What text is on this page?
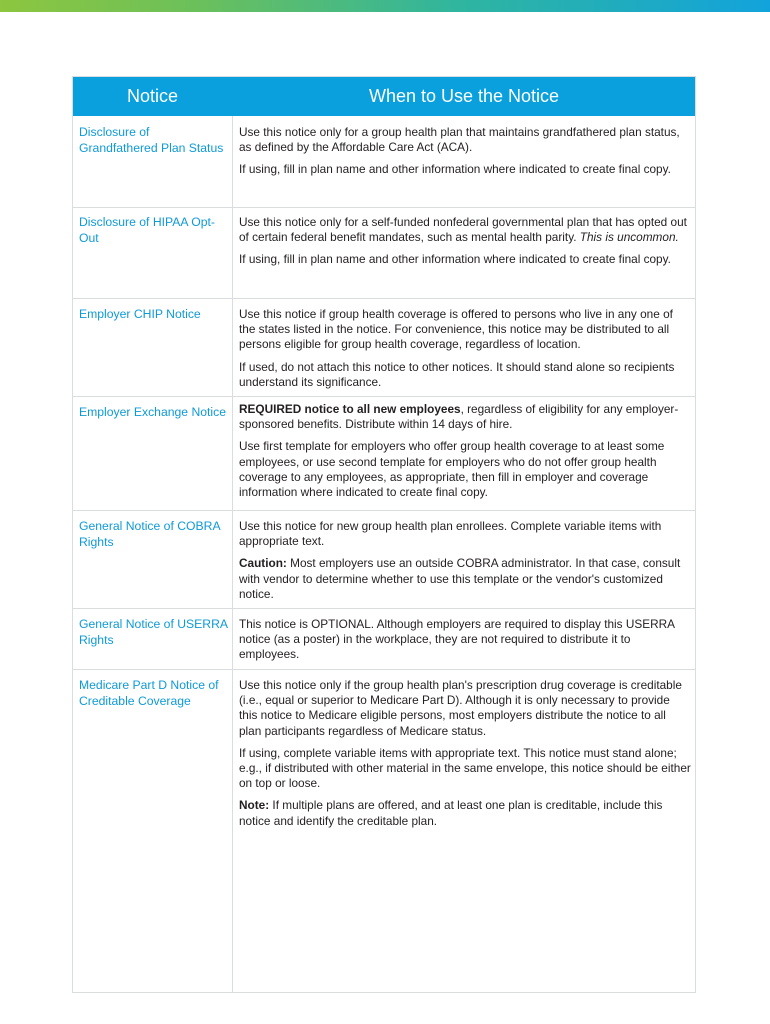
Notice	When to Use the Notice
Disclosure of Grandfathered Plan Status

Use this notice only for a group health plan that maintains grandfathered plan status, as defined by the Affordable Care Act (ACA).

If using, fill in plan name and other information where indicated to create final copy.

Disclosure of HIPAA Opt-Out

Use this notice only for a self-funded nonfederal governmental plan that has opted out of certain federal benefit mandates, such as mental health parity. This is uncommon.

If using, fill in plan name and other information where indicated to create final copy.

Employer CHIP Notice	Use this notice if group health coverage is offered to persons who live in any one of the states listed in the notice. For convenience, this notice may be distributed to all persons eligible for group health coverage, regardless of location.

If used, do not attach this notice to other notices. It should stand alone so recipients understand its significance.

Employer Exchange Notice REQUIRED notice to all new employees, regardless of eligibility for any employer-sponsored benefits. Distribute within 14 days of hire.

Use first template for employers who offer group health coverage to at least some employees, or use second template for employers who do not offer group health coverage to any employees, as appropriate, then fill in employer and coverage information where indicated to create final copy.

General Notice of COBRA Rights

Use this notice for new group health plan enrollees. Complete variable items with appropriate text.

Caution: Most employers use an outside COBRA administrator. In that case, consult with vendor to determine whether to use this template or the vendor's customized notice.

General Notice of USERRA Rights

This notice is OPTIONAL. Although employers are required to display this USERRA notice (as a poster) in the workplace, they are not required to distribute it to employees.

Medicare Part D Notice of Creditable Coverage

Use this notice only if the group health plan's prescription drug coverage is creditable (i.e., equal or superior to Medicare Part D). Although it is only necessary to provide this notice to Medicare eligible persons, most employers distribute the notice to all plan participants regardless of Medicare status.

If using, complete variable items with appropriate text. This notice must stand alone; e.g., if distributed with other material in the same envelope, this notice should be either on top or loose.

Note: If multiple plans are offered, and at least one plan is creditable, include this notice and identify the creditable plan.
